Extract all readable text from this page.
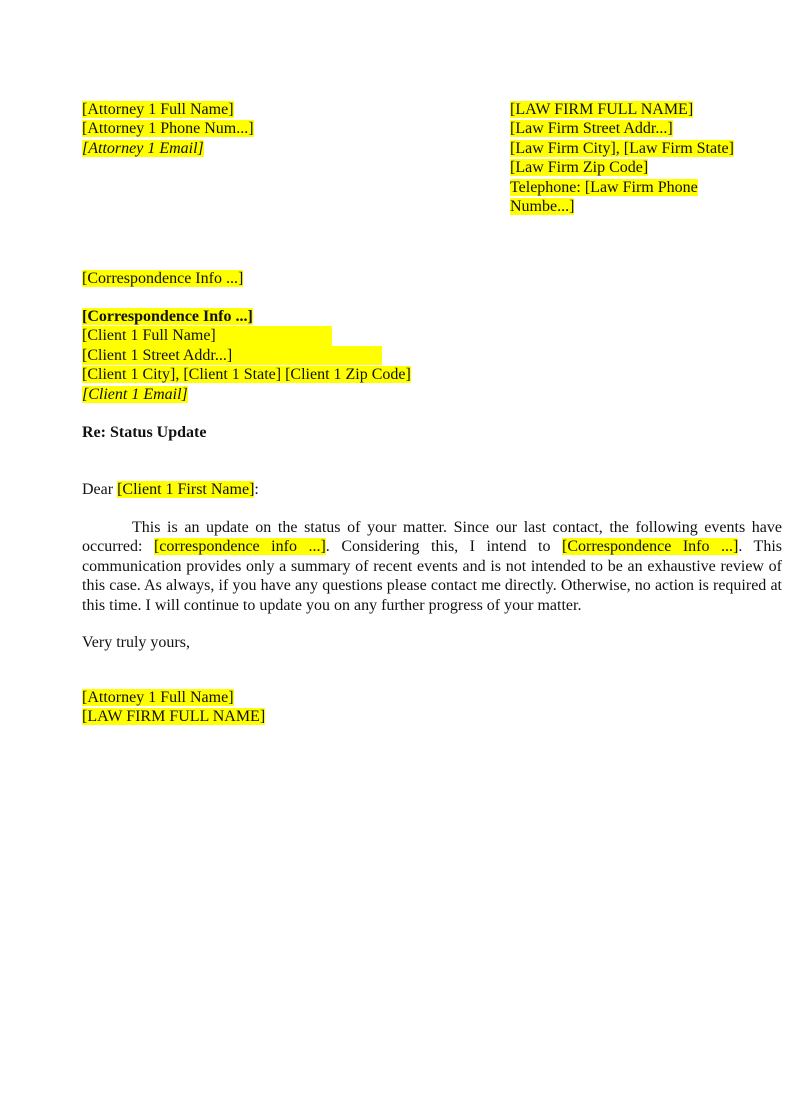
[Attorney 1 Full Name]
[Attorney 1 Phone Num...]
[Attorney 1 Email]
[LAW FIRM FULL NAME]
[Law Firm Street Addr...]
[Law Firm City], [Law Firm State]
[Law Firm Zip Code]
Telephone: [Law Firm Phone
Numbe...]
[Correspondence Info ...]
[Correspondence Info ...]
[Client 1 Full Name]
[Client 1 Street Addr...]
[Client 1 City], [Client 1 State] [Client 1 Zip Code]
[Client 1 Email]
Re: Status Update
Dear [Client 1 First Name]:
This is an update on the status of your matter. Since our last contact, the following events have occurred: [correspondence info ...]. Considering this, I intend to [Correspondence Info ...]. This communication provides only a summary of recent events and is not intended to be an exhaustive review of this case. As always, if you have any questions please contact me directly. Otherwise, no action is required at this time. I will continue to update you on any further progress of your matter.
Very truly yours,
[Attorney 1 Full Name]
[LAW FIRM FULL NAME]
